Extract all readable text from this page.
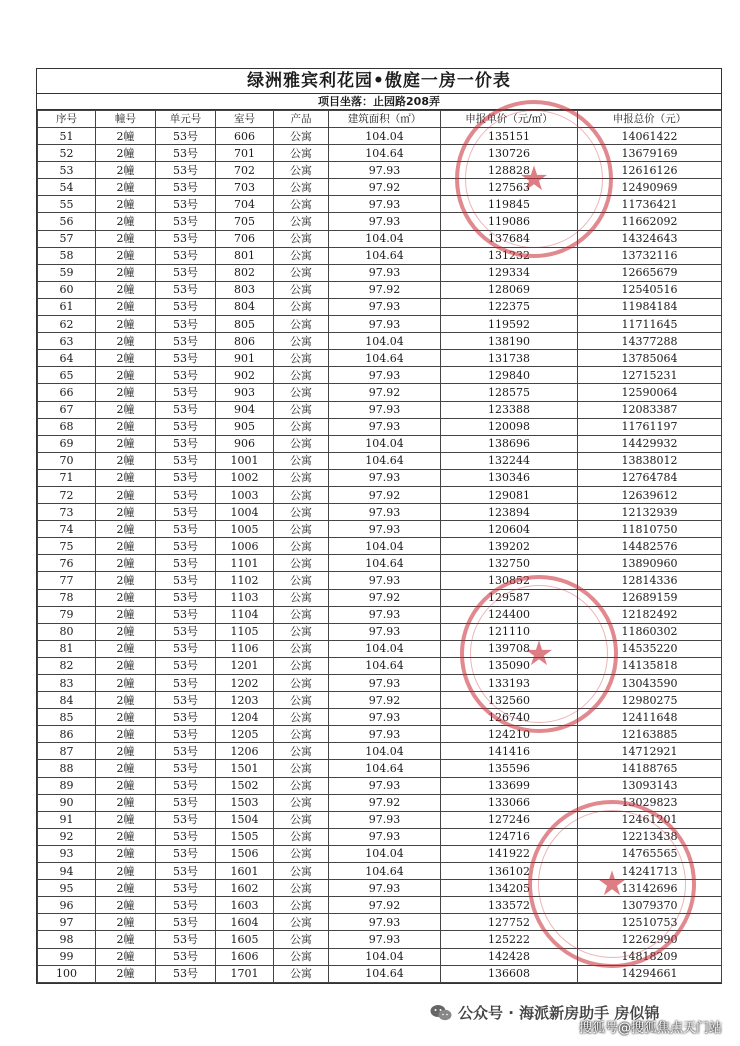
绿洲雅宾利花园•傲庭一房一价表
项目坐落：止园路208弄
序号	幢号	单元号	室号	产品	建筑面积（㎡）	申报单价（元/㎡）	申报总价（元）
51	2幢	53号	606	公寓	104.04	135151	14061422
52	2幢	53号	701	公寓	104.64	130726	13679169
53	2幢	53号	702	公寓	97.93	128828	12616126
54	2幢	53号	703	公寓	97.92	127563	12490969
55	2幢	53号	704	公寓	97.93	119845	11736421
56	2幢	53号	705	公寓	97.93	119086	11662092
57	2幢	53号	706	公寓	104.04	137684	14324643
58	2幢	53号	801	公寓	104.64	131232	13732116
59	2幢	53号	802	公寓	97.93	129334	12665679
60	2幢	53号	803	公寓	97.92	128069	12540516
61	2幢	53号	804	公寓	97.93	122375	11984184
62	2幢	53号	805	公寓	97.93	119592	11711645
63	2幢	53号	806	公寓	104.04	138190	14377288
64	2幢	53号	901	公寓	104.64	131738	13785064
65	2幢	53号	902	公寓	97.93	129840	12715231
66	2幢	53号	903	公寓	97.92	128575	12590064
67	2幢	53号	904	公寓	97.93	123388	12083387
68	2幢	53号	905	公寓	97.93	120098	11761197
69	2幢	53号	906	公寓	104.04	138696	14429932
70	2幢	53号	1001	公寓	104.64	132244	13838012
71	2幢	53号	1002	公寓	97.93	130346	12764784
72	2幢	53号	1003	公寓	97.92	129081	12639612
73	2幢	53号	1004	公寓	97.93	123894	12132939
74	2幢	53号	1005	公寓	97.93	120604	11810750
75	2幢	53号	1006	公寓	104.04	139202	14482576
76	2幢	53号	1101	公寓	104.64	132750	13890960
77	2幢	53号	1102	公寓	97.93	130852	12814336
78	2幢	53号	1103	公寓	97.92	129587	12689159
79	2幢	53号	1104	公寓	97.93	124400	12182492
80	2幢	53号	1105	公寓	97.93	121110	11860302
81	2幢	53号	1106	公寓	104.04	139708	14535220
82	2幢	53号	1201	公寓	104.64	135090	14135818
83	2幢	53号	1202	公寓	97.93	133193	13043590
84	2幢	53号	1203	公寓	97.92	132560	12980275
85	2幢	53号	1204	公寓	97.93	126740	12411648
86	2幢	53号	1205	公寓	97.93	124210	12163885
87	2幢	53号	1206	公寓	104.04	141416	14712921
88	2幢	53号	1501	公寓	104.64	135596	14188765
89	2幢	53号	1502	公寓	97.93	133699	13093143
90	2幢	53号	1503	公寓	97.92	133066	13029823
91	2幢	53号	1504	公寓	97.93	127246	12461201
92	2幢	53号	1505	公寓	97.93	124716	12213438
93	2幢	53号	1506	公寓	104.04	141922	14765565
94	2幢	53号	1601	公寓	104.64	136102	14241713
95	2幢	53号	1602	公寓	97.93	134205	13142696
96	2幢	53号	1603	公寓	97.92	133572	13079370
97	2幢	53号	1604	公寓	97.93	127752	12510753
98	2幢	53号	1605	公寓	97.93	125222	12262990
99	2幢	53号	1606	公寓	104.04	142428	14818209
100	2幢	53号	1701	公寓	104.64	136608	14294661
★
★
★
公众号 · 海派新房助手 房似锦
搜狐号@搜狐焦点天门站
